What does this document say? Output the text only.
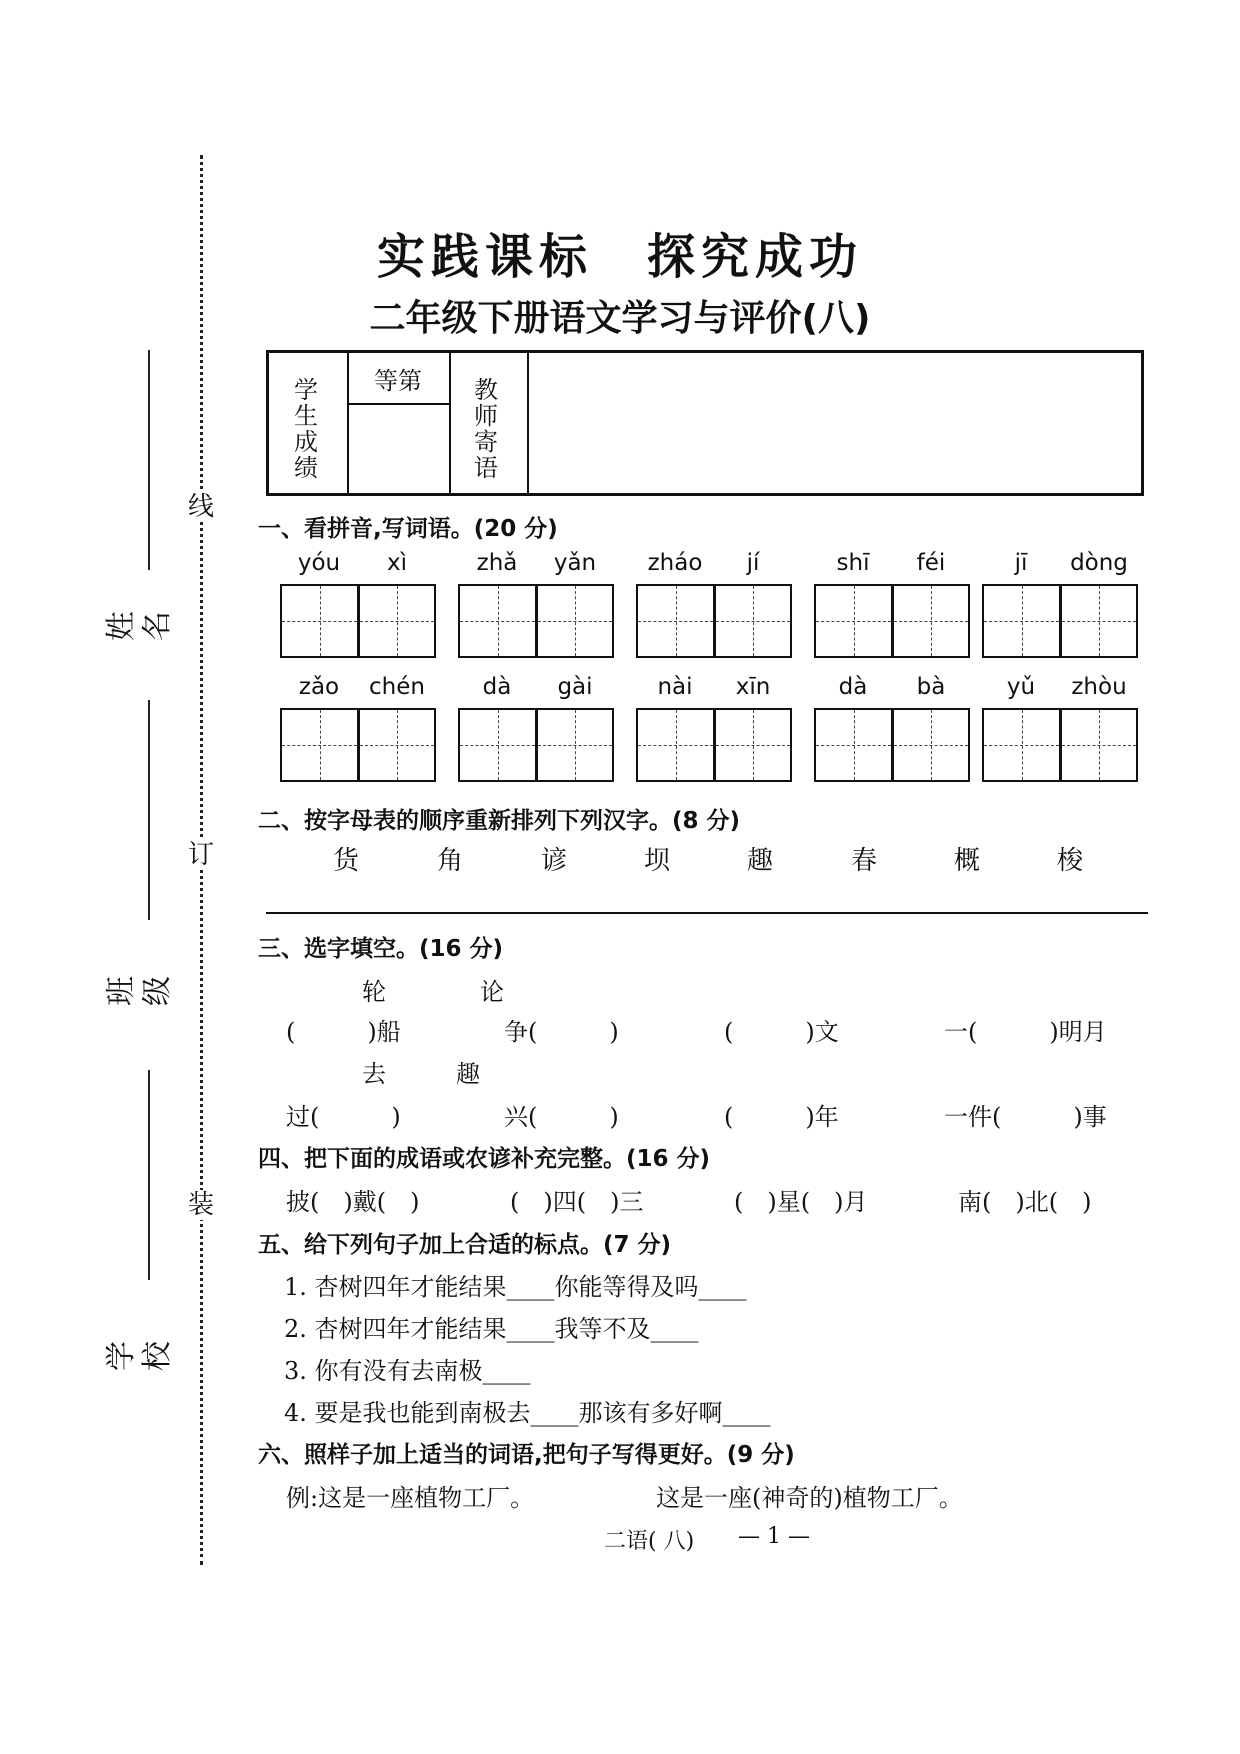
线
订
装
姓名
班级
学校
实践课标　探究成功
二年级下册语文学习与评价(八)
学生成绩
等第	教师寄语
一、看拼音,写词语。(20 分)
yóu	xì	zhǎ	yǎn	zháo	jí	shī	féi	jī	dòng
zǎo	chén	dà	gài	nài	xīn	dà	bà	yǔ	zhòu
二、按字母表的顺序重新排列下列汉字。(8 分)
货	角	谚	坝	趣	春	概	梭
三、选字填空。(16 分)
轮	论
(　　　)船	争(　　　)	(　　　)文	一(　　　)明月
去	趣
过(　　　)	兴(　　　)	(　　　)年	一件(　　　)事
四、把下面的成语或农谚补充完整。(16 分)
披(　)戴(　)	(　)四(　)三	(　)星(　)月	南(　)北(　)
五、给下列句子加上合适的标点。(7 分)
1. 杏树四年才能结果____你能等得及吗____
2. 杏树四年才能结果____我等不及____
3. 你有没有去南极____
4. 要是我也能到南极去____那该有多好啊____
六、照样子加上适当的词语,把句子写得更好。(9 分)
例:这是一座植物工厂。	这是一座(神奇的)植物工厂。
二语( 八) — 1 —
